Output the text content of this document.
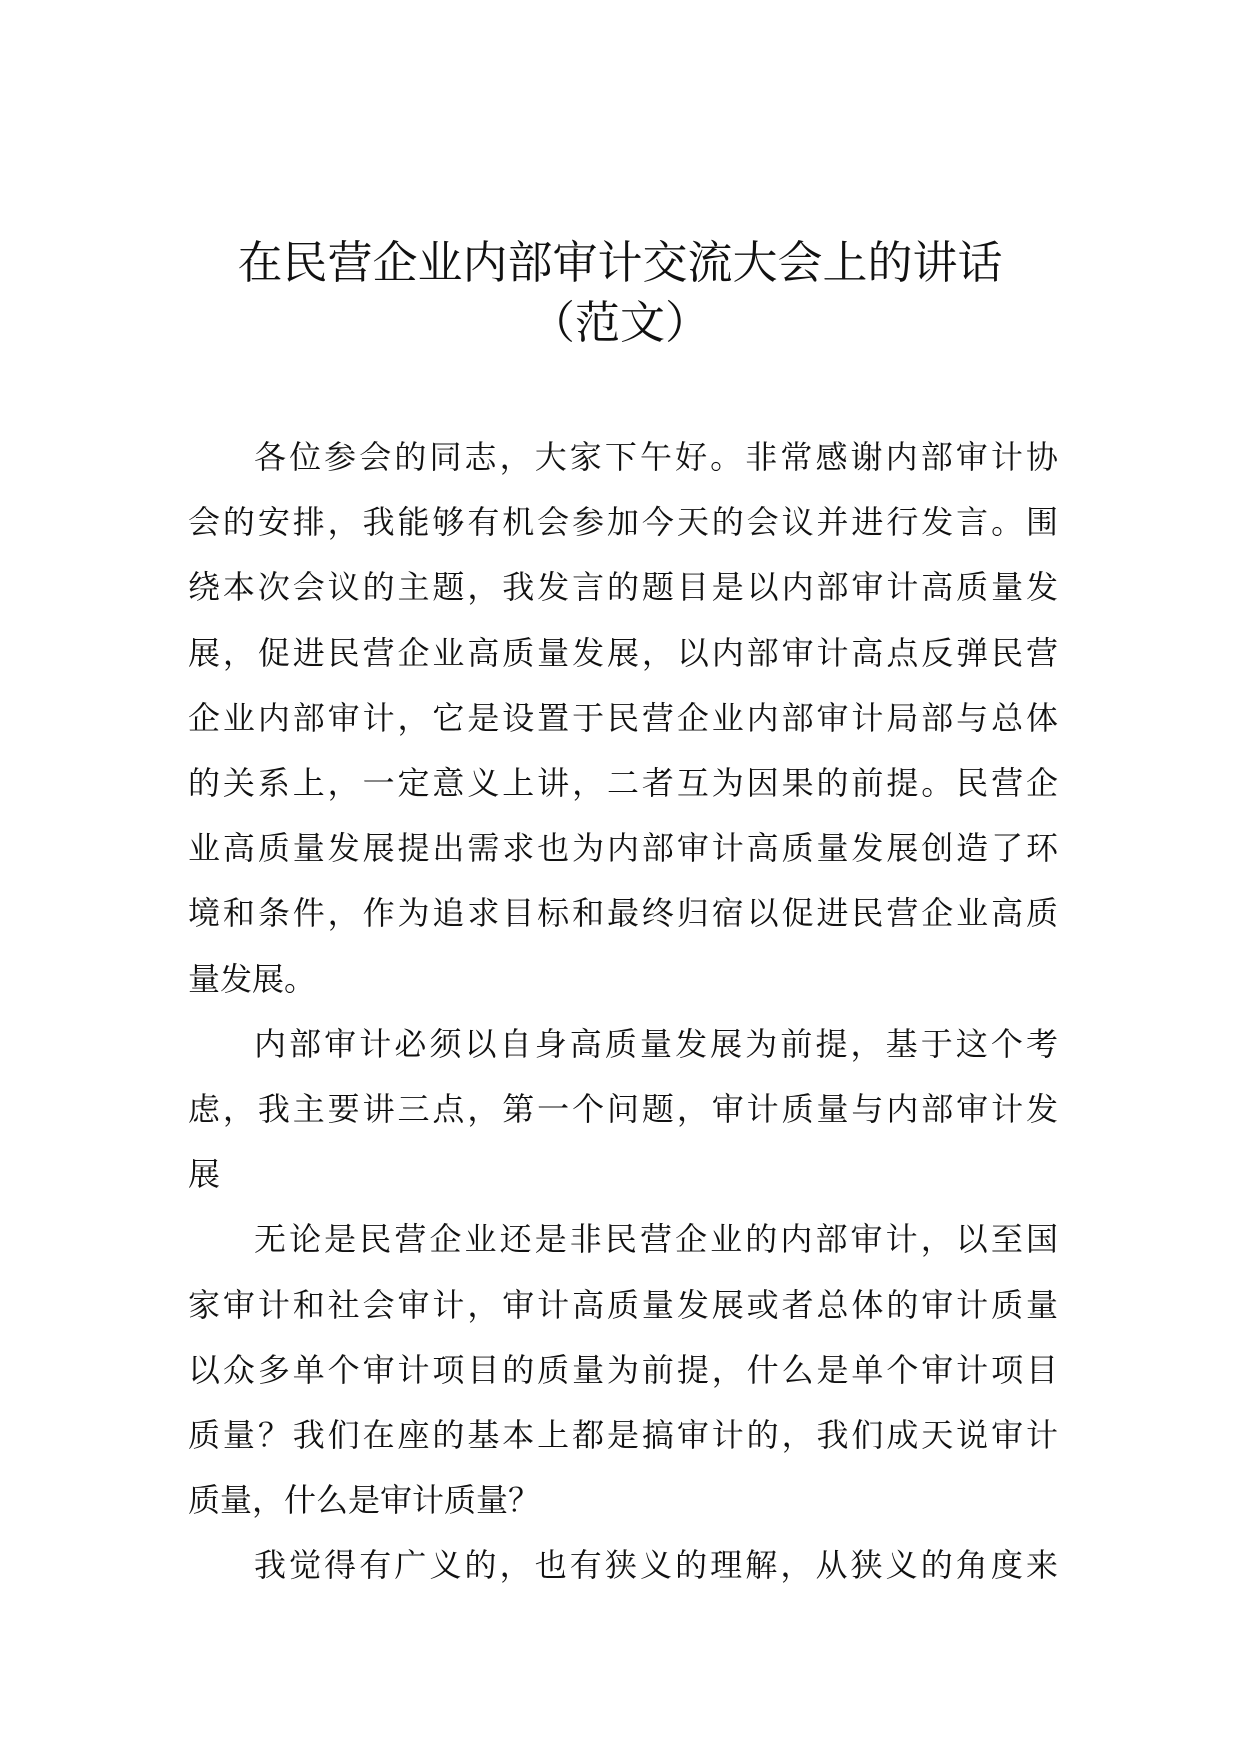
在民营企业内部审计交流大会上的讲话
（范文）
各位参会的同志，大家下午好。非常感谢内部审计协
会的安排，我能够有机会参加今天的会议并进行发言。围
绕本次会议的主题，我发言的题目是以内部审计高质量发
展，促进民营企业高质量发展，以内部审计高点反弹民营
企业内部审计，它是设置于民营企业内部审计局部与总体
的关系上，一定意义上讲，二者互为因果的前提。民营企
业高质量发展提出需求也为内部审计高质量发展创造了环
境和条件，作为追求目标和最终归宿以促进民营企业高质
量发展。
内部审计必须以自身高质量发展为前提，基于这个考
虑，我主要讲三点，第一个问题，审计质量与内部审计发
展
无论是民营企业还是非民营企业的内部审计，以至国
家审计和社会审计，审计高质量发展或者总体的审计质量
以众多单个审计项目的质量为前提，什么是单个审计项目
质量？我们在座的基本上都是搞审计的，我们成天说审计
质量，什么是审计质量？
我觉得有广义的，也有狭义的理解，从狭义的角度来
